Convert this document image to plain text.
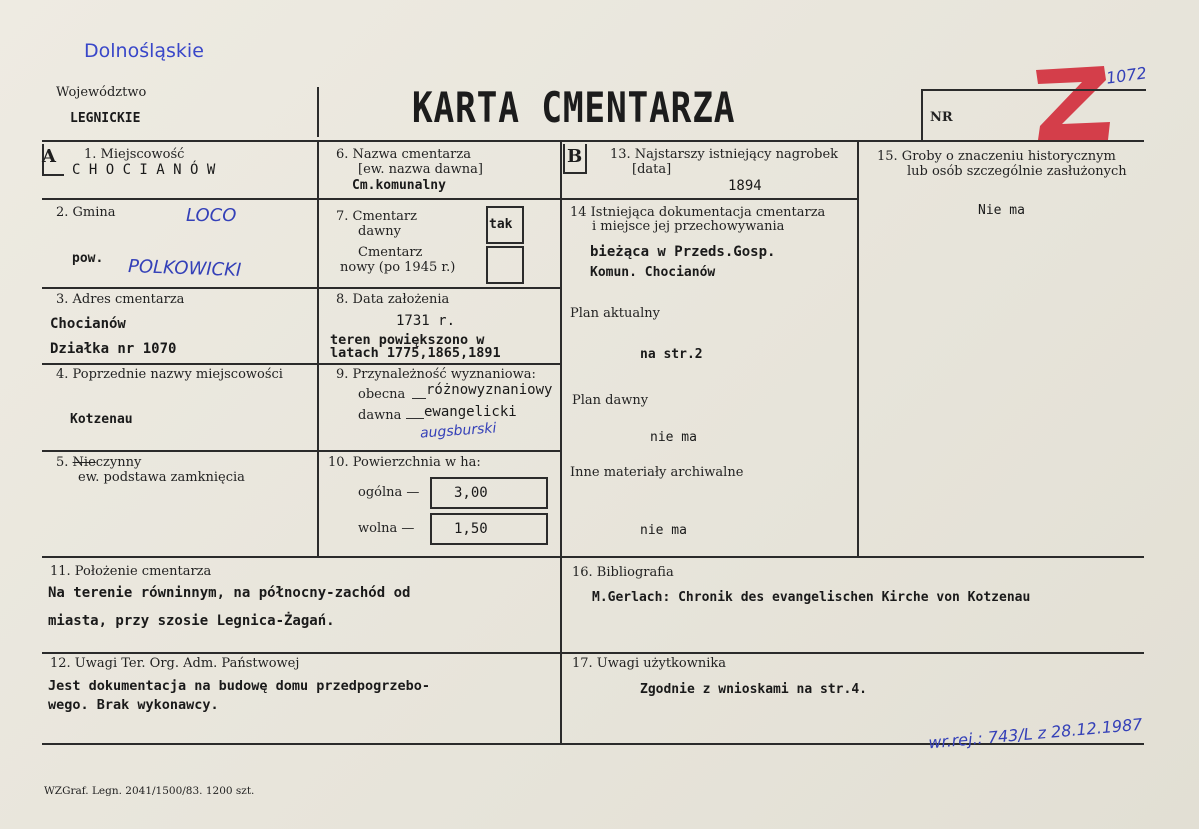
Dolnośląskie
Województwo
LEGNICKIE	KARTA CMENTARZA	NR
1072
A 1. Miejscowość
C H O C I A N Ó W
2. Gmina	LOCO
pow. POLKOWICKI
3. Adres cmentarza
Chocianów
Działka nr 1070
4. Poprzednie nazwy miejscowości
Kotzenau
5. Nieczynny
ew. podstawa zamknięcia
6. Nazwa cmentarza
[ew. nazwa dawna]
Cm.komunalny
7. Cmentarz
dawny	tak
Cmentarz
nowy (po 1945 r.)
8. Data założenia
1731 r.
teren powiększono w
latach 1775,1865,1891
9. Przynależność wyznaniowa:
obecna różnowyznaniowy
dawna ewangelicki
augsburski
10. Powierzchnia w ha:
ogólna — 3,00
wolna —	1,50
B 13. Najstarszy istniejący nagrobek
[data]
1894
14 Istniejąca dokumentacja cmentarza
i miejsce jej przechowywania
bieżąca w Przeds.Gosp.
Komun. Chocianów
Plan aktualny
na str.2
Plan dawny
nie ma
Inne materiały archiwalne
nie ma
15. Groby o znaczeniu historycznym
lub osób szczególnie zasłużonych
Nie ma
11. Położenie cmentarza
Na terenie równinnym, na północny-zachód od
miasta, przy szosie Legnica-Żagań.
16. Bibliografia
M.Gerlach: Chronik des evangelischen Kirche von Kotzenau
12. Uwagi Ter. Org. Adm. Państwowej
Jest dokumentacja na budowę domu przedpogrzebo-
wego. Brak wykonawcy.
17. Uwagi użytkownika
Zgodnie z wnioskami na str.4.
wr.rej.: 743/L z 28.12.1987
WZGraf. Legn. 2041/1500/83. 1200 szt.
